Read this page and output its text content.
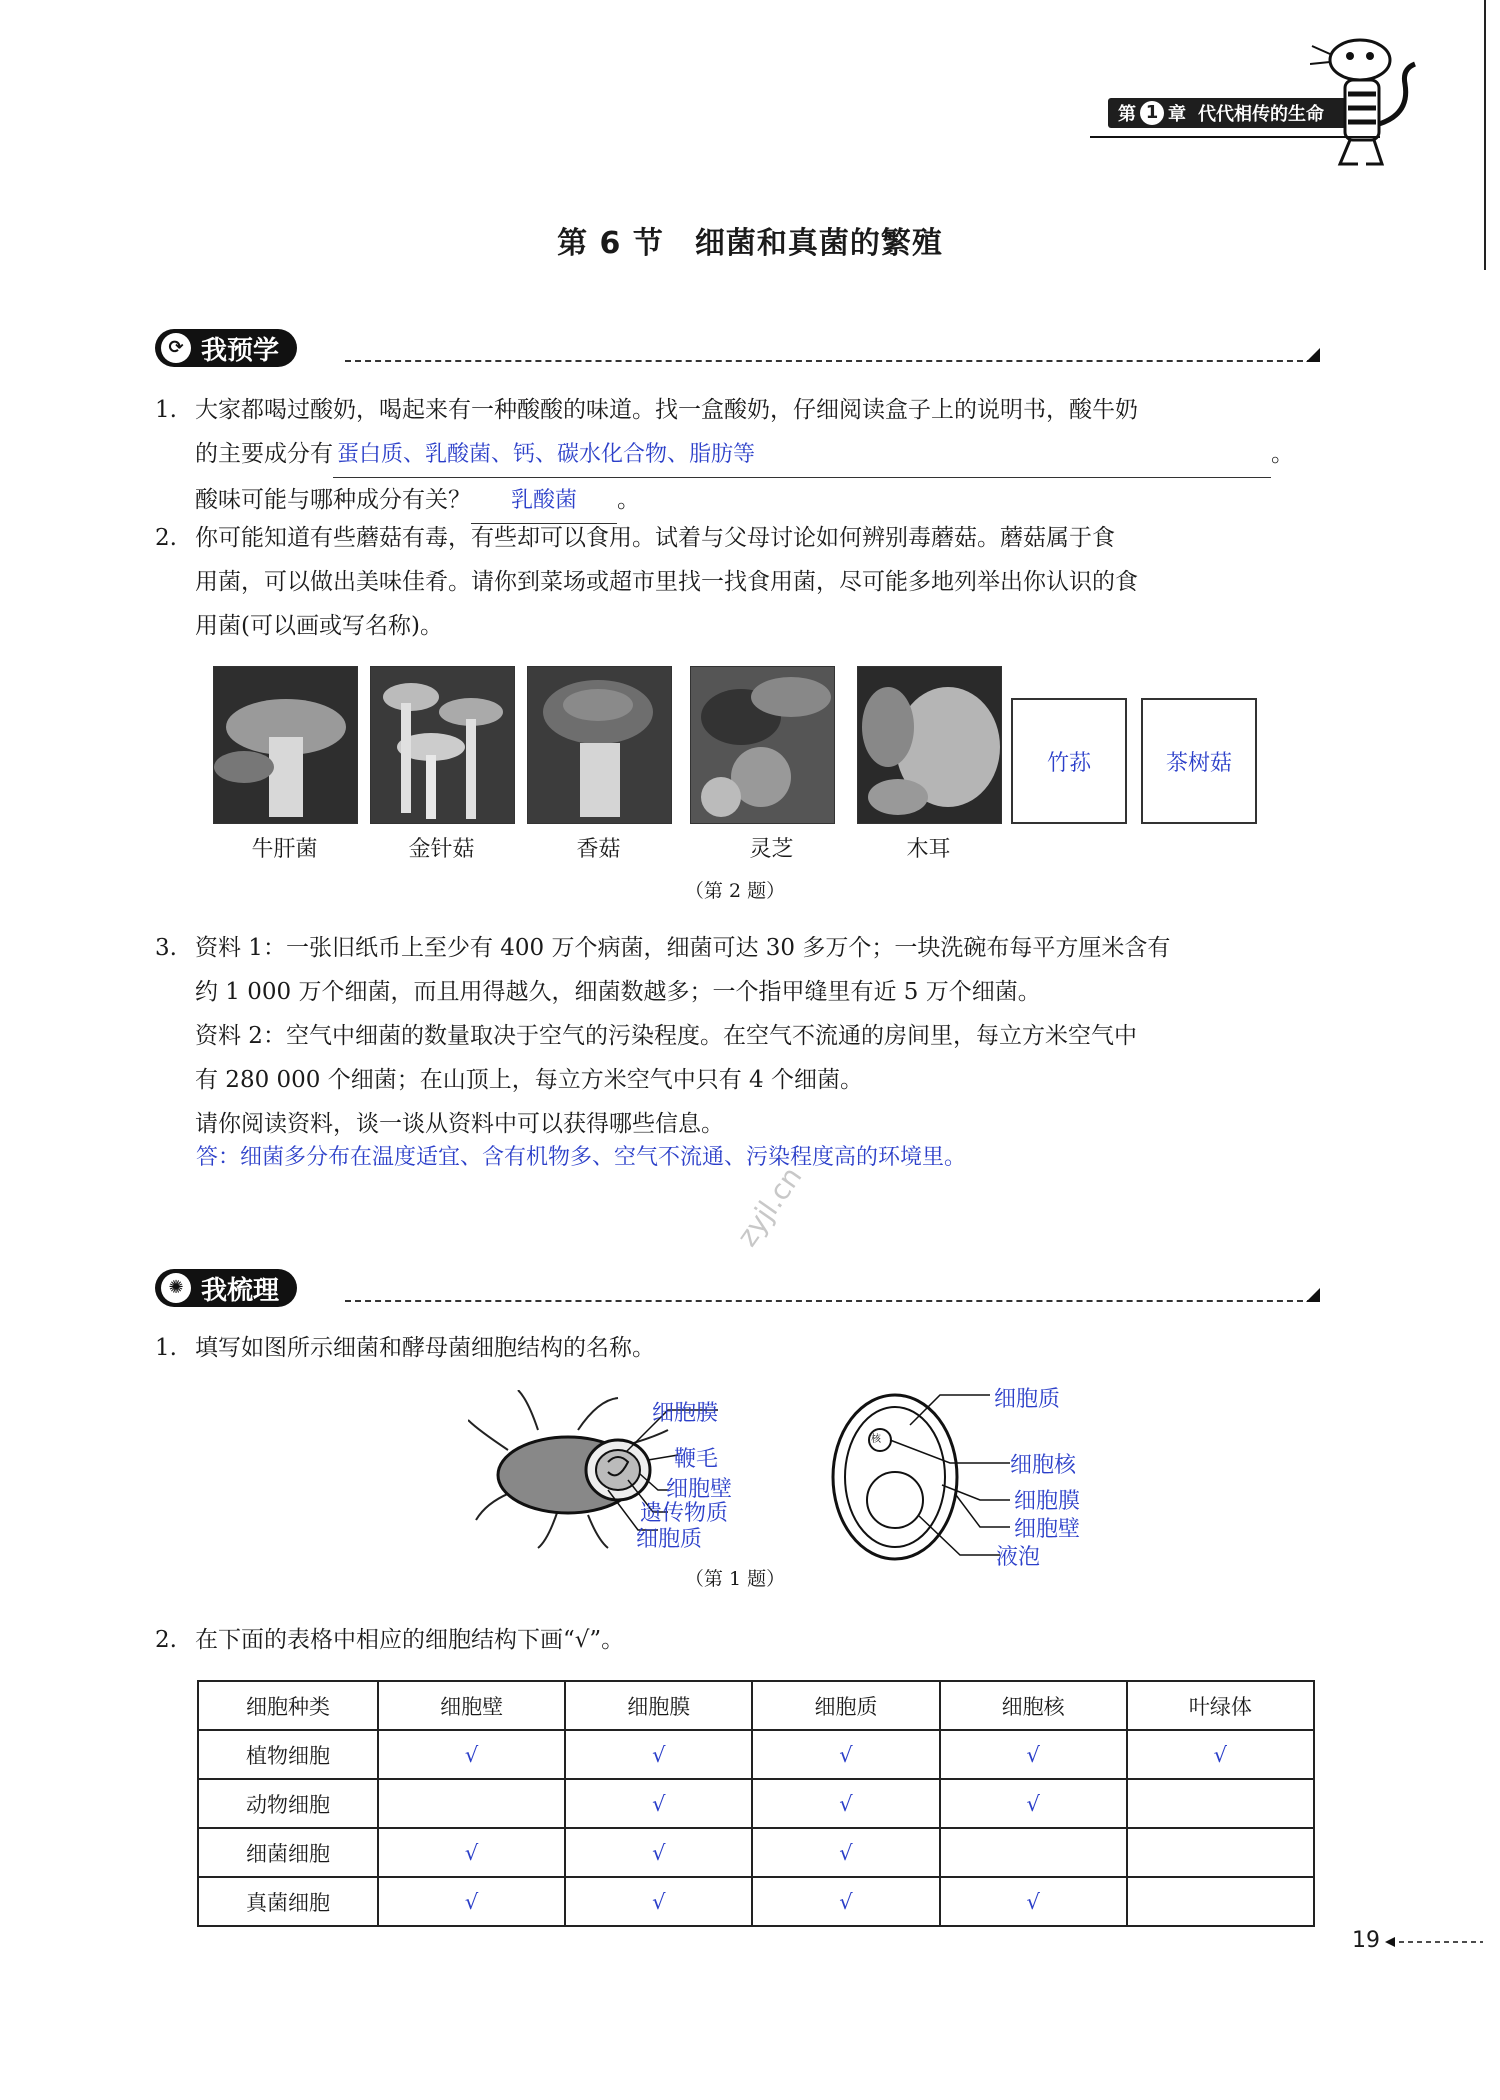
第 1 章 代代相传的生命
第 6 节　细菌和真菌的繁殖
⟳ 我预学
1. 大家都喝过酸奶，喝起来有一种酸酸的味道。找一盒酸奶，仔细阅读盒子上的说明书，酸牛奶
的主要成分有 蛋白质、乳酸菌、钙、碳水化合物、脂肪等	。
酸味可能与哪种成分有关？ 乳酸菌 。
2. 你可能知道有些蘑菇有毒，有些却可以食用。试着与父母讨论如何辨别毒蘑菇。蘑菇属于食
用菌，可以做出美味佳肴。请你到菜场或超市里找一找食用菌，尽可能多地列举出你认识的食
用菌(可以画或写名称)。
竹荪	茶树菇
牛肝菌	金针菇	香菇	灵芝	木耳
（第 2 题）
3. 资料 1：一张旧纸币上至少有 400 万个病菌，细菌可达 30 多万个；一块洗碗布每平方厘米含有
约 1 000 万个细菌，而且用得越久，细菌数越多；一个指甲缝里有近 5 万个细菌。
资料 2：空气中细菌的数量取决于空气的污染程度。在空气不流通的房间里，每立方米空气中
有 280 000 个细菌；在山顶上，每立方米空气中只有 4 个细菌。
请你阅读资料，谈一谈从资料中可以获得哪些信息。
答：细菌多分布在温度适宜、含有机物多、空气不流通、污染程度高的环境里。
zyjl.cn
✺ 我梳理
1. 填写如图所示细菌和酵母菌细胞结构的名称。
细胞膜
鞭毛
细胞壁
遗传物质
细胞质
核
细胞质
细胞核
细胞膜
细胞壁
液泡
（第 1 题）
2. 在下面的表格中相应的细胞结构下画“√”。
细胞种类	细胞壁	细胞膜	细胞质	细胞核	叶绿体
植物细胞	√	√	√	√	√
动物细胞		√	√	√	
细菌细胞	√	√	√		
真菌细胞	√	√	√	√	
19
